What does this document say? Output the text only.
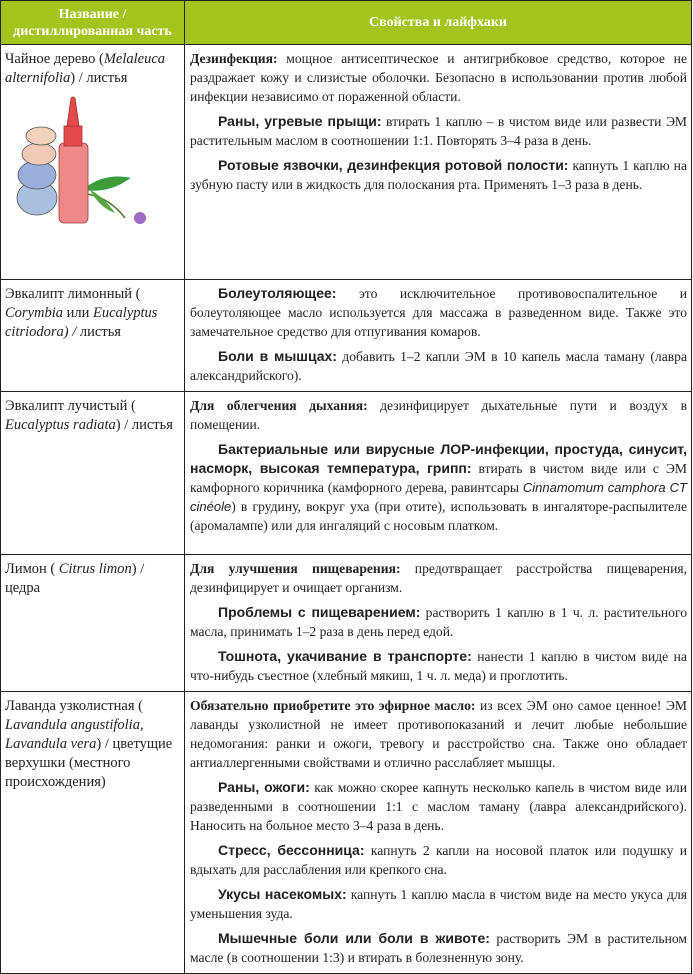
Название / дистиллированная часть	Свойства и лайфхаки
Чайное дерево (Melaleuca alternifolia) / листья	Дезинфекция: мощное антисептическое и антигрибковое средство, которое не раздражает кожу и слизистые оболочки. Безопасно в использовании против любой инфекции независимо от пораженной области.

Раны, угревые прыщи: втирать 1 каплю – в чистом виде или развести ЭМ растительным маслом в соотношении 1:1. Повторять 3–4 раза в день.

Ротовые язвочки, дезинфекция ротовой полости: капнуть 1 каплю на зубную пасту или в жидкость для полоскания рта. Применять 1–3 раза в день.

Эвкалипт лимонный ( Corymbia или Eucalyptus citriodora) / листья	Болеутоляющее: это исключительное противовоспалительное и болеутоляющее масло используется для массажа в разведенном виде. Также это замечательное средство для отпугивания комаров.

Боли в мышцах: добавить 1–2 капли ЭМ в 10 капель масла таману (лавра александрийского).

Эвкалипт лучистый ( Eucalyptus radiata) / листья	Для облегчения дыхания: дезинфицирует дыхательные пути и воздух в помещении.

Бактериальные или вирусные ЛОР-инфекции, простуда, синусит, насморк, высокая температура, грипп: втирать в чистом виде или с ЭМ камфорного коричника (камфорного дерева, равинтсары Cinnamomum camphora CT cinéole) в грудину, вокруг уха (при отите), использовать в ингаляторе-распылителе (аромалампе) или для ингаляций с носовым платком.

Лимон ( Citrus limon) / цедра	Для улучшения пищеварения: предотвращает расстройства пищеварения, дезинфицирует и очищает организм.

Проблемы с пищеварением: растворить 1 каплю в 1 ч. л. растительного масла, принимать 1–2 раза в день перед едой.

Тошнота, укачивание в транспорте: нанести 1 каплю в чистом виде на что-нибудь съестное (хлебный мякиш, 1 ч. л. меда) и проглотить.

Лаванда узколистная ( Lavandula angustifolia, Lavandula vera) / цветущие верхушки (местного происхождения)	Обязательно приобретите это эфирное масло: из всех ЭМ оно самое ценное! ЭМ лаванды узколистной не имеет противопоказаний и лечит любые небольшие недомогания: ранки и ожоги, тревогу и расстройство сна. Также оно обладает антиаллергенными свойствами и отлично расслабляет мышцы.

Раны, ожоги: как можно скорее капнуть несколько капель в чистом виде или разведенными в соотношении 1:1 с маслом таману (лавра александрийского). Наносить на больное место 3–4 раза в день.

Стресс, бессонница: капнуть 2 капли на носовой платок или подушку и вдыхать для расслабления или крепкого сна.

Укусы насекомых: капнуть 1 каплю масла в чистом виде на место укуса для уменьшения зуда.

Мышечные боли или боли в животе: растворить ЭМ в растительном масле (в соотношении 1:3) и втирать в болезненную зону.
